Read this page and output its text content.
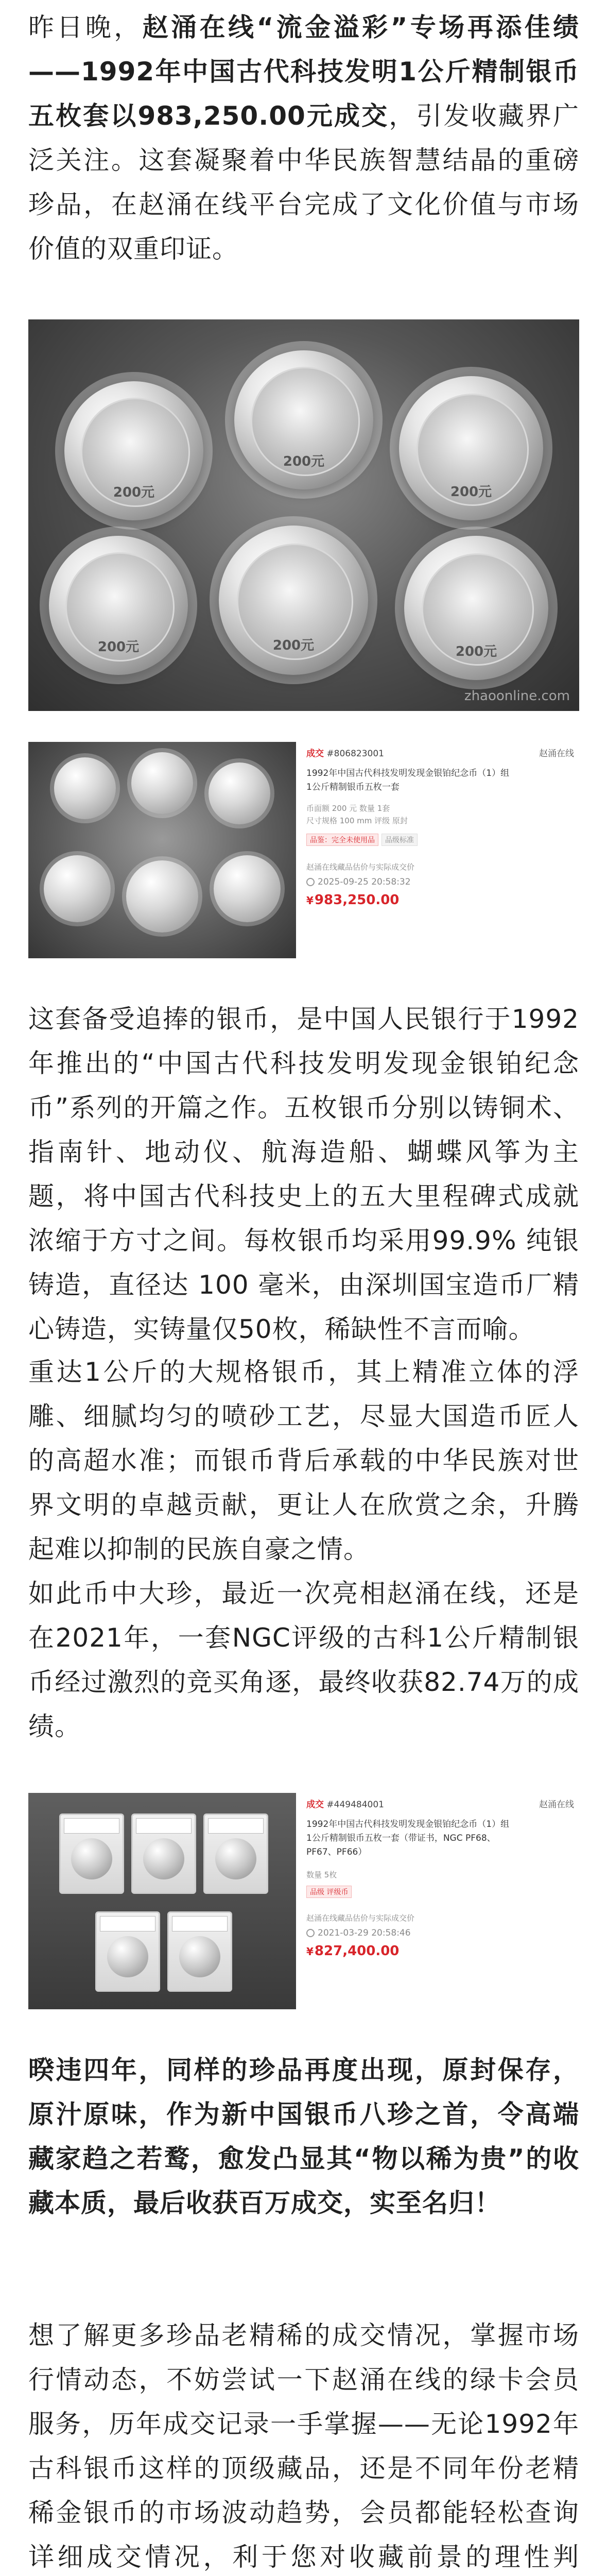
昨日晚，赵涌在线“流金溢彩”专场再添佳绩——1992年中国古代科技发明1公斤精制银币五枚套以983,250.00元成交，引发收藏界广泛关注。这套凝聚着中华民族智慧结晶的重磅珍品，在赵涌在线平台完成了文化价值与市场价值的双重印证。

200元
200元
200元
200元	200元	200元
zhaoonline.com
成交 #806823001	赵涌在线
1992年中国古代科技发明发现金银铂纪念币（1）组1公斤精制银币五枚一套
币面额 200 元 数量 1套
尺寸规格 100 mm 评级 原封
品鉴：完全未使用品 品级标准
赵涌在线藏品估价与实际成交价
2025-09-25 20:58:32
¥983,250.00

这套备受追捧的银币，是中国人民银行于1992 年推出的“中国古代科技发明发现金银铂纪念币”系列的开篇之作。五枚银币分别以铸铜术、指南针、地动仪、航海造船、蝴蝶风筝为主题，将中国古代科技史上的五大里程碑式成就浓缩于方寸之间。每枚银币均采用99.9% 纯银铸造，直径达 100 毫米，由深圳国宝造币厂精心铸造，实铸量仅50枚，稀缺性不言而喻。

重达1公斤的大规格银币，其上精准立体的浮雕、细腻均匀的喷砂工艺，尽显大国造币匠人的高超水准；而银币背后承载的中华民族对世界文明的卓越贡献，更让人在欣赏之余，升腾起难以抑制的民族自豪之情。

如此币中大珍，最近一次亮相赵涌在线，还是在2021年，一套NGC评级的古科1公斤精制银币经过激烈的竞买角逐，最终收获82.74万的成绩。

成交 #449484001	赵涌在线
1992年中国古代科技发明发现金银铂纪念币（1）组1公斤精制银币五枚一套（带证书，NGC PF68、PF67、PF66）
数量 5枚
品级 评级币
赵涌在线藏品估价与实际成交价
2021-03-29 20:58:46
¥827,400.00

暌违四年，同样的珍品再度出现，原封保存，原汁原味，作为新中国银币八珍之首，令高端藏家趋之若鹜，愈发凸显其“物以稀为贵”的收藏本质，最后收获百万成交，实至名归！

想了解更多珍品老精稀的成交情况，掌握市场行情动态，不妨尝试一下赵涌在线的绿卡会员服务，历年成交记录一手掌握——无论1992年古科银币这样的顶级藏品，还是不同年份老精稀金银币的市场波动趋势，会员都能轻松查询详细成交情况，利于您对收藏前景的理性判
